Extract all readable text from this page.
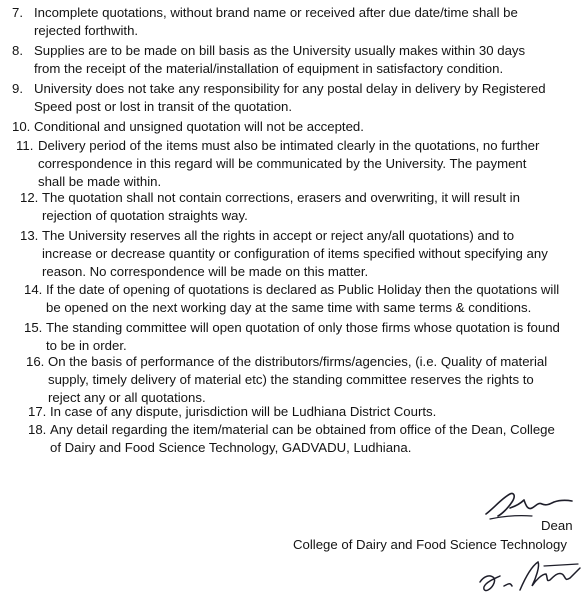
7. Incomplete quotations, without brand name or received after due date/time shall be
rejected forthwith.
8. Supplies are to be made on bill basis as the University usually makes within 30 days
from the receipt of the material/installation of equipment in satisfactory condition.
9. University does not take any responsibility for any postal delay in delivery by Registered
Speed post or lost in transit of the quotation.
10. Conditional and unsigned quotation will not be accepted.
11. Delivery period of the items must also be intimated clearly in the quotations, no further
correspondence in this regard will be communicated by the University. The payment
shall be made within.
12. The quotation shall not contain corrections, erasers and overwriting, it will result in
rejection of quotation straights way.
13. The University reserves all the rights in accept or reject any/all quotations) and to
increase or decrease quantity or configuration of items specified without specifying any
reason. No correspondence will be made on this matter.
14. If the date of opening of quotations is declared as Public Holiday then the quotations will
be opened on the next working day at the same time with same terms & conditions.
15. The standing committee will open quotation of only those firms whose quotation is found
to be in order.
16. On the basis of performance of the distributors/firms/agencies, (i.e. Quality of material
supply, timely delivery of material etc) the standing committee reserves the rights to
reject any or all quotations.
17. In case of any dispute, jurisdiction will be Ludhiana District Courts.
18. Any detail regarding the item/material can be obtained from office of the Dean, College
of Dairy and Food Science Technology, GADVADU, Ludhiana.
Dean
College of Dairy and Food Science Technology
